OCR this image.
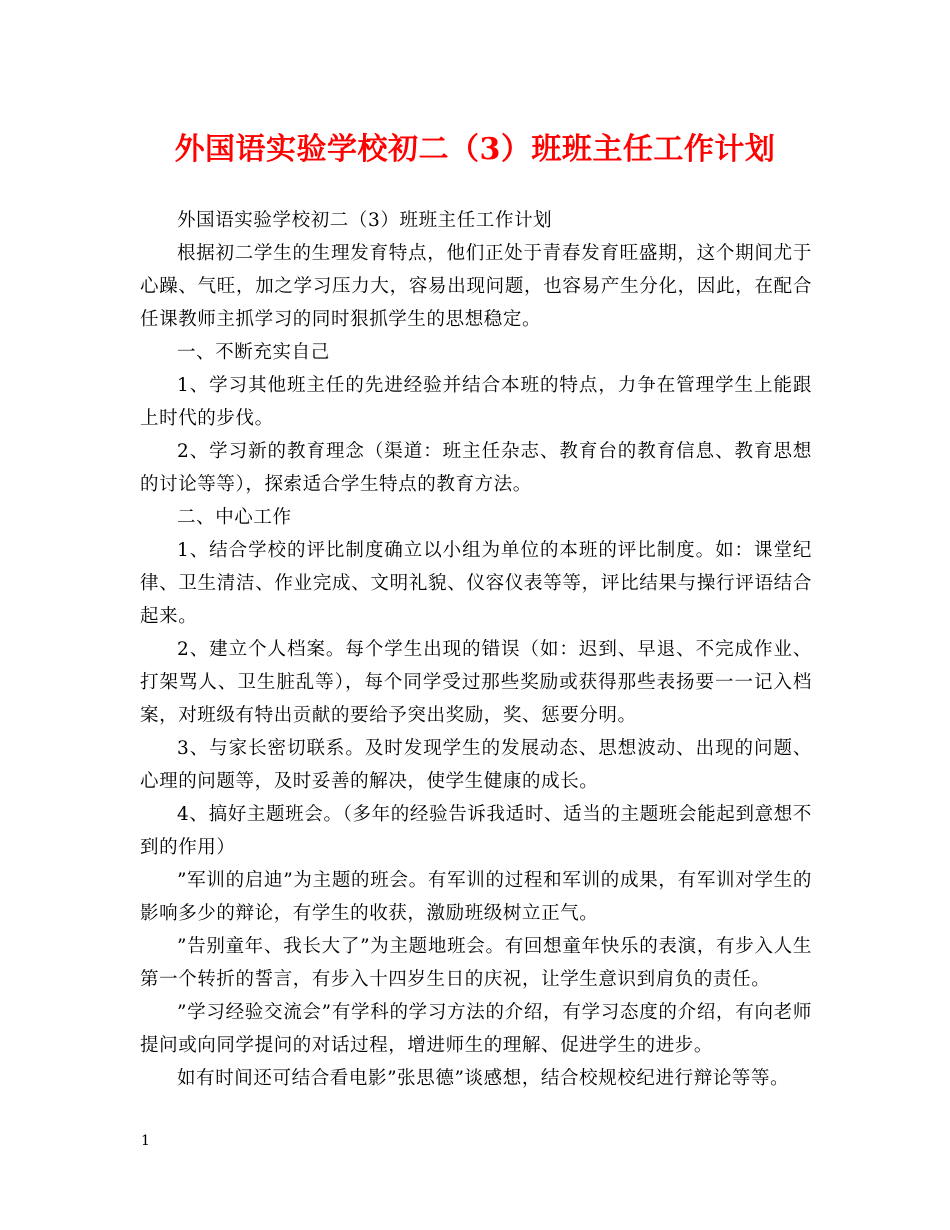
外国语实验学校初二（3）班班主任工作计划

外国语实验学校初二（3）班班主任工作计划

根据初二学生的生理发育特点，他们正处于青春发育旺盛期，这个期间尤于心躁、气旺，加之学习压力大，容易出现问题，也容易产生分化，因此，在配合任课教师主抓学习的同时狠抓学生的思想稳定。

一、不断充实自己

1、学习其他班主任的先进经验并结合本班的特点，力争在管理学生上能跟上时代的步伐。

2、学习新的教育理念（渠道：班主任杂志、教育台的教育信息、教育思想的讨论等等），探索适合学生特点的教育方法。

二、中心工作

1、结合学校的评比制度确立以小组为单位的本班的评比制度。如：课堂纪律、卫生清洁、作业完成、文明礼貌、仪容仪表等等，评比结果与操行评语结合起来。

2、建立个人档案。每个学生出现的错误（如：迟到、早退、不完成作业、打架骂人、卫生脏乱等），每个同学受过那些奖励或获得那些表扬要一一记入档案，对班级有特出贡献的要给予突出奖励，奖、惩要分明。

3、与家长密切联系。及时发现学生的发展动态、思想波动、出现的问题、心理的问题等，及时妥善的解决，使学生健康的成长。

4、搞好主题班会。（多年的经验告诉我适时、适当的主题班会能起到意想不到的作用）

”军训的启迪”为主题的班会。有军训的过程和军训的成果，有军训对学生的影响多少的辩论，有学生的收获，激励班级树立正气。

”告别童年、我长大了”为主题地班会。有回想童年快乐的表演，有步入人生第一个转折的誓言，有步入十四岁生日的庆祝，让学生意识到肩负的责任。

”学习经验交流会”有学科的学习方法的介绍，有学习态度的介绍，有向老师提问或向同学提问的对话过程，增进师生的理解、促进学生的进步。

如有时间还可结合看电影”张思德”谈感想，结合校规校纪进行辩论等等。

1
